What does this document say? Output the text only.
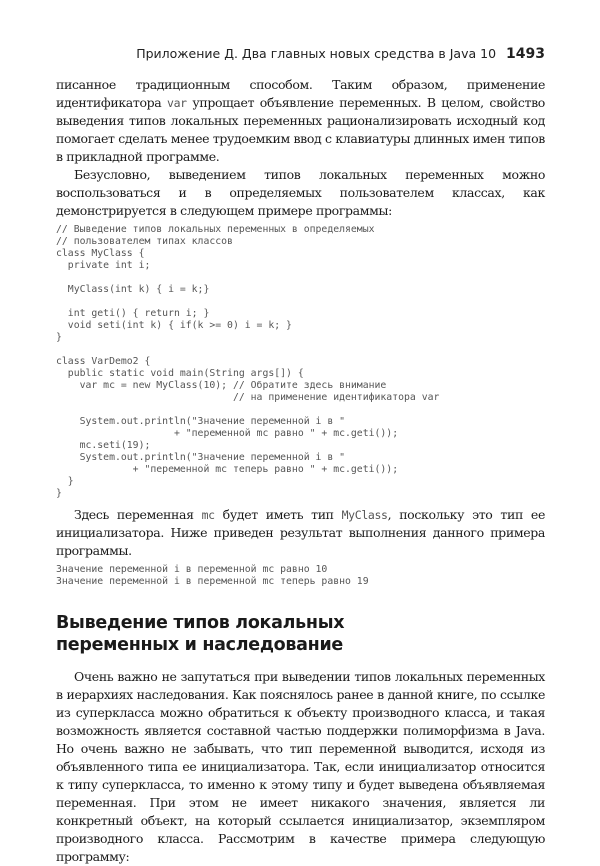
Приложение Д. Два главных новых средства в Java 10 1493

писанное традиционным способом. Таким образом, применение идентификатора var упрощает объявление переменных. В целом, свойство выведения типов локальных переменных рационализировать исходный код помогает сделать менее трудоемким ввод с клавиатуры длинных имен типов в прикладной программе.

Безусловно, выведением типов локальных переменных можно воспользоваться и в определяемых пользователем классах, как демонстрируется в следующем примере программы:

// Выведение типов локальных переменных в определяемых
// пользователем типах классов
class MyClass {
private int i;
MyClass(int k) { i = k;}
int geti() { return i; }
void seti(int k) { if(k >= 0) i = k; }
}
class VarDemo2 {
public static void main(String args[]) {
var mc = new MyClass(10); // Обратите здесь внимание
// на применение идентификатора var
System.out.println("Значение переменной i в "
+ "переменной mc равно " + mc.geti());
mc.seti(19);
System.out.println("Значение переменной i в "
+ "переменной mc теперь равно " + mc.geti());
}
}

Здесь переменная mc будет иметь тип MyClass, поскольку это тип ее инициализатора. Ниже приведен результат выполнения данного примера программы.

Значение переменной i в переменной mc равно 10
Значение переменной i в переменной mc теперь равно 19
Выведение типов локальных
переменных и наследование

Очень важно не запутаться при выведении типов локальных переменных в иерархиях наследования. Как пояснялось ранее в данной книге, по ссылке из суперкласса можно обратиться к объекту производного класса, и такая возможность является составной частью поддержки полиморфизма в Java. Но очень важно не забывать, что тип переменной выводится, исходя из объявленного типа ее инициализатора. Так, если инициализатор относится к типу суперкласса, то именно к этому типу и будет выведена объявляемая переменная. При этом не имеет никакого значения, является ли конкретный объект, на который ссылается инициализатор, экземпляром производного класса. Рассмотрим в качестве примера следующую программу:
